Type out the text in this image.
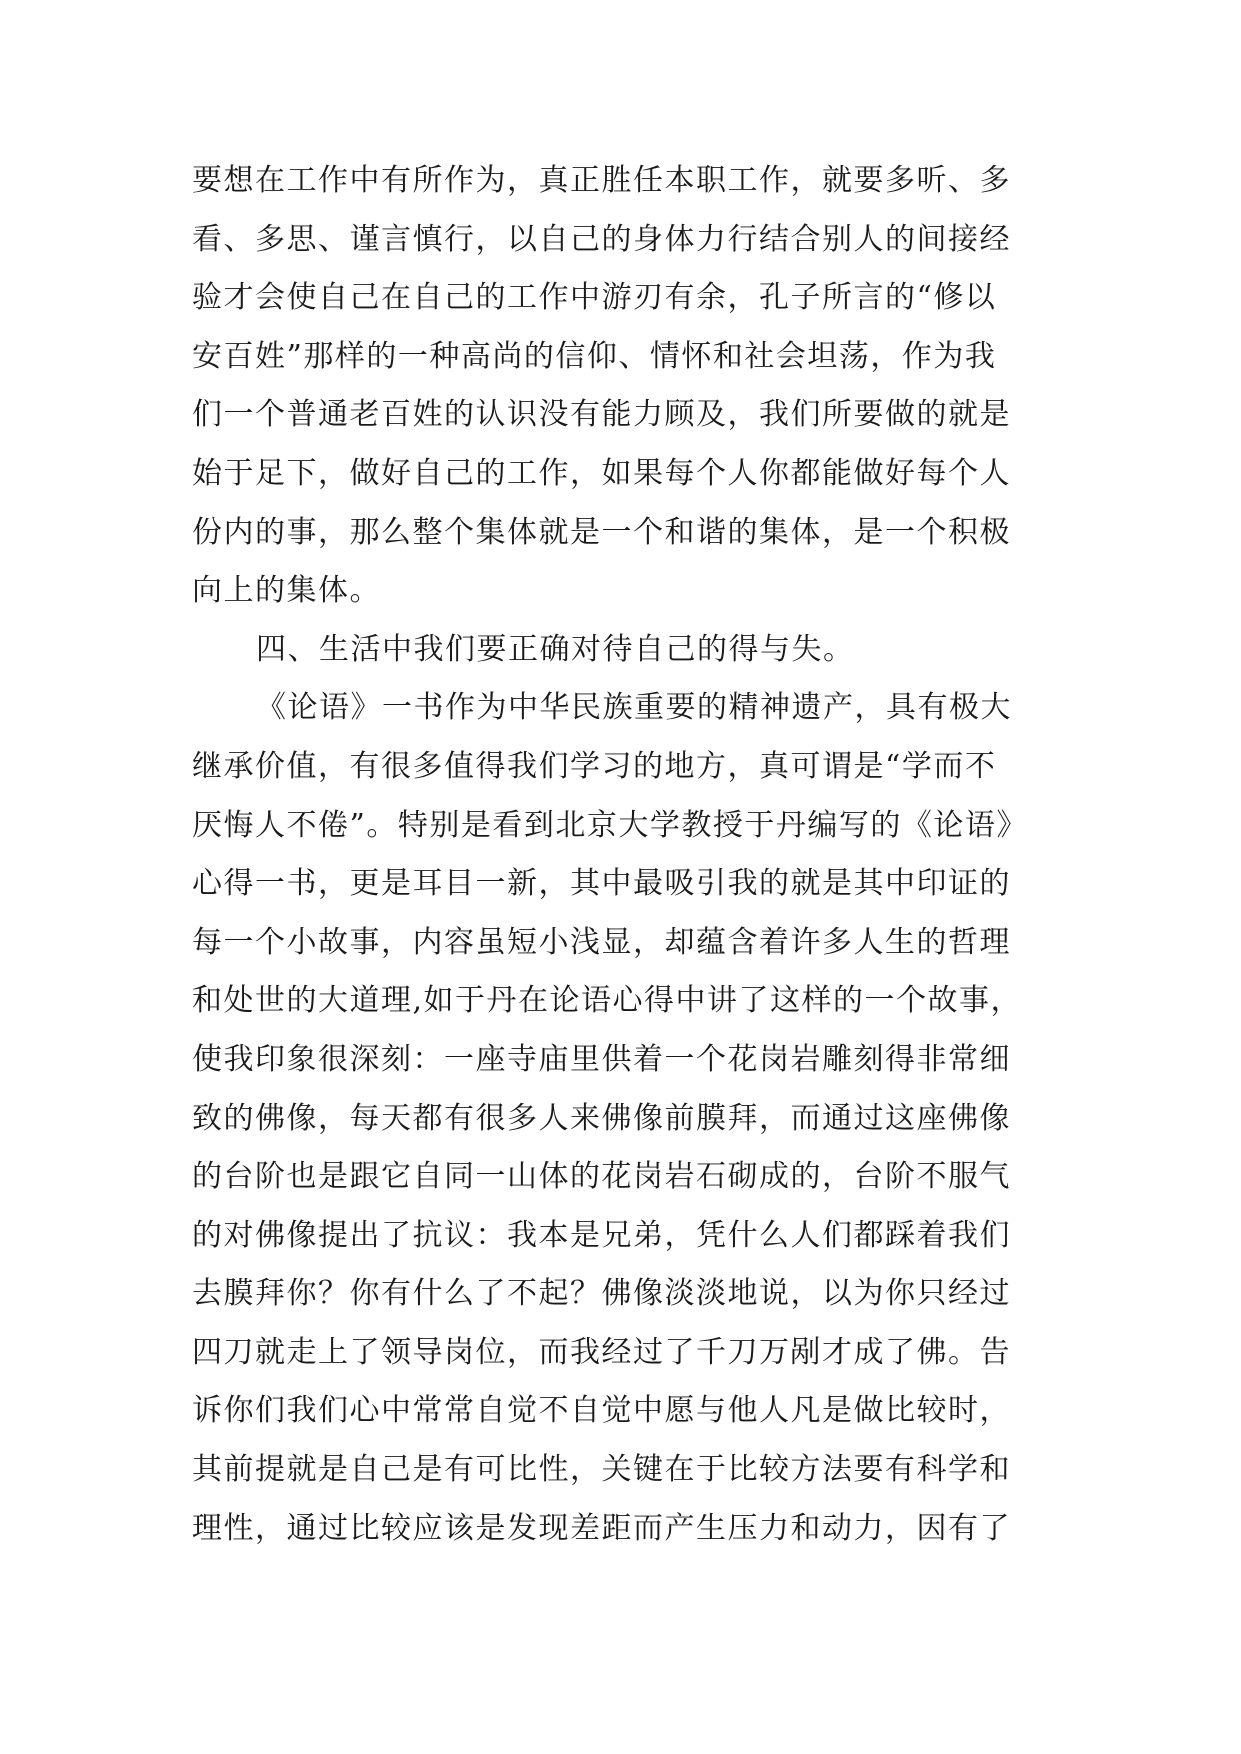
要想在工作中有所作为，真正胜任本职工作，就要多听、多
看、多思、谨言慎行，以自己的身体力行结合别人的间接经
验才会使自己在自己的工作中游刃有余，孔子所言的“修以
安百姓”那样的一种高尚的信仰、情怀和社会坦荡，作为我
们一个普通老百姓的认识没有能力顾及，我们所要做的就是
始于足下，做好自己的工作，如果每个人你都能做好每个人
份内的事，那么整个集体就是一个和谐的集体，是一个积极
向上的集体。
四、生活中我们要正确对待自己的得与失。
《论语》一书作为中华民族重要的精神遗产，具有极大
继承价值，有很多值得我们学习的地方，真可谓是“学而不
厌悔人不倦”。特别是看到北京大学教授于丹编写的《论语》
心得一书，更是耳目一新，其中最吸引我的就是其中印证的
每一个小故事，内容虽短小浅显，却蕴含着许多人生的哲理
和处世的大道理,如于丹在论语心得中讲了这样的一个故事，
使我印象很深刻：一座寺庙里供着一个花岗岩雕刻得非常细
致的佛像，每天都有很多人来佛像前膜拜，而通过这座佛像
的台阶也是跟它自同一山体的花岗岩石砌成的，台阶不服气
的对佛像提出了抗议：我本是兄弟，凭什么人们都踩着我们
去膜拜你？你有什么了不起？佛像淡淡地说，以为你只经过
四刀就走上了领导岗位，而我经过了千刀万剐才成了佛。告
诉你们我们心中常常自觉不自觉中愿与他人凡是做比较时，
其前提就是自己是有可比性，关键在于比较方法要有科学和
理性，通过比较应该是发现差距而产生压力和动力，因有了
